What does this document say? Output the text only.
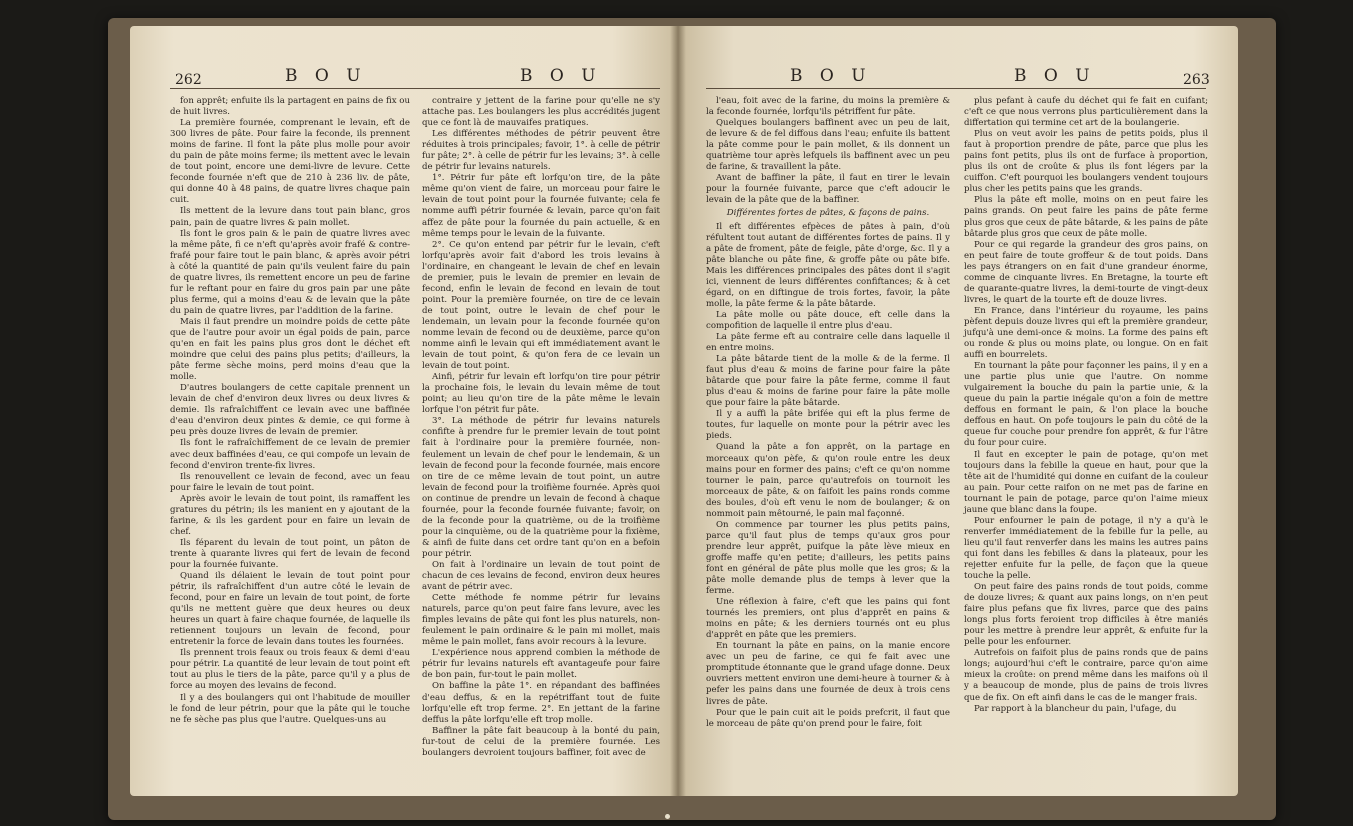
262	B O U	B O U

fon apprêt; enfuite ils la partagent en pains de fix ou de huit livres.

La première fournée, comprenant le levain, eft de 300 livres de pâte. Pour faire la feconde, ils prennent moins de farine. Il font la pâte plus molle pour avoir du pain de pâte moins ferme; ils mettent avec le levain de tout point, encore une demi-livre de levure. Cette feconde fournée n'eft que de 210 à 236 liv. de pâte, qui donne 40 à 48 pains, de quatre livres chaque pain cuit.

Ils mettent de la levure dans tout pain blanc, gros pain, pain de quatre livres & pain mollet.

Ils font le gros pain & le pain de quatre livres avec la même pâte, fi ce n'eft qu'après avoir frafé & contre-frafé pour faire tout le pain blanc, & après avoir pétri à côté la quantité de pain qu'ils veulent faire du pain de quatre livres, ils remettent encore un peu de farine fur le reftant pour en faire du gros pain par une pâte plus ferme, qui a moins d'eau & de levain que la pâte du pain de quatre livres, par l'addition de la farine.

Mais il faut prendre un moindre poids de cette pâte que de l'autre pour avoir un égal poids de pain, parce qu'en en fait les pains plus gros dont le déchet eft moindre que celui des pains plus petits; d'ailleurs, la pâte ferme sèche moins, perd moins d'eau que la molle.

D'autres boulangers de cette capitale prennent un levain de chef d'environ deux livres ou deux livres & demie. Ils rafraîchiffent ce levain avec une baffinée d'eau d'environ deux pintes & demie, ce qui forme à peu près douze livres de levain de premier.

Ils font le rafraîchiffement de ce levain de premier avec deux baffinées d'eau, ce qui compofe un levain de fecond d'environ trente-fix livres.

Ils renouvellent ce levain de fecond, avec un feau pour faire le levain de tout point.

Après avoir le levain de tout point, ils ramaffent les gratures du pétrin; ils les manient en y ajoutant de la farine, & ils les gardent pour en faire un levain de chef.

Ils féparent du levain de tout point, un pâton de trente à quarante livres qui fert de levain de fecond pour la fournée fuivante.

Quand ils délaient le levain de tout point pour pétrir, ils rafraîchiffent d'un autre côté le levain de fecond, pour en faire un levain de tout point, de forte qu'ils ne mettent guère que deux heures ou deux heures un quart à faire chaque fournée, de laquelle ils retiennent toujours un levain de fecond, pour entretenir la force de levain dans toutes les fournées.

Ils prennent trois feaux ou trois feaux & demi d'eau pour pétrir. La quantité de leur levain de tout point eft tout au plus le tiers de la pâte, parce qu'il y a plus de force au moyen des levains de fecond.

Il y a des boulangers qui ont l'habitude de mouiller le fond de leur pétrin, pour que la pâte qui le touche ne fe sèche pas plus que l'autre. Quelques-uns au

contraire y jettent de la farine pour qu'elle ne s'y attache pas. Les boulangers les plus accrédités jugent que ce font là de mauvaifes pratiques.

Les différentes méthodes de pétrir peuvent être réduites à trois principales; favoir, 1°. à celle de pétrir fur pâte; 2°. à celle de pétrir fur les levains; 3°. à celle de pétrir fur levains naturels.

1°. Pétrir fur pâte eft lorfqu'on tire, de la pâte même qu'on vient de faire, un morceau pour faire le levain de tout point pour la fournée fuivante; cela fe nomme auffi pétrir fournée & levain, parce qu'on fait affez de pâte pour la fournée du pain actuelle, & en même temps pour le levain de la fuivante.

2°. Ce qu'on entend par pétrir fur le levain, c'eft lorfqu'après avoir fait d'abord les trois levains à l'ordinaire, en changeant le levain de chef en levain de premier, puis le levain de premier en levain de fecond, enfin le levain de fecond en levain de tout point. Pour la première fournée, on tire de ce levain de tout point, outre le levain de chef pour le lendemain, un levain pour la feconde fournée qu'on nomme levain de fecond ou de deuxième, parce qu'on nomme ainfi le levain qui eft immédiatement avant le levain de tout point, & qu'on fera de ce levain un levain de tout point.

Ainfi, pétrir fur levain eft lorfqu'on tire pour pétrir la prochaine fois, le levain du levain même de tout point; au lieu qu'on tire de la pâte même le levain lorfque l'on pétrit fur pâte.

3°. La méthode de pétrir fur levains naturels confifte à prendre fur le premier levain de tout point fait à l'ordinaire pour la première fournée, non-feulement un levain de chef pour le lendemain, & un levain de fecond pour la feconde fournée, mais encore on tire de ce même levain de tout point, un autre levain de fecond pour la troifième fournée. Après quoi on continue de prendre un levain de fecond à chaque fournée, pour la feconde fournée fuivante; favoir, on de la feconde pour la quatrième, ou de la troifième pour la cinquième, ou de la quatrième pour la fixième, & ainfi de fuite dans cet ordre tant qu'on en a befoin pour pétrir.

On fait à l'ordinaire un levain de tout point de chacun de ces levains de fecond, environ deux heures avant de pétrir avec.

Cette méthode fe nomme pétrir fur levains naturels, parce qu'on peut faire fans levure, avec les fimples levains de pâte qui font les plus naturels, non-feulement le pain ordinaire & le pain mi mollet, mais même le pain mollet, fans avoir recours à la levure.

L'expérience nous apprend combien la méthode de pétrir fur levains naturels eft avantageufe pour faire de bon pain, fur-tout le pain mollet.

On baffine la pâte 1°. en répandant des baffinées d'eau deffus, & en la repétriffant tout de fuite lorfqu'elle eft trop ferme. 2°. En jettant de la farine deffus la pâte lorfqu'elle eft trop molle.

Baffiner la pâte fait beaucoup à la bonté du pain, fur-tout de celui de la première fournée. Les boulangers devroient toujours baffiner, foit avec de

B O U	B O U	263

l'eau, foit avec de la farine, du moins la première & la feconde fournée, lorfqu'ils pétriffent fur pâte.

Quelques boulangers baffinent avec un peu de lait, de levure & de fel diffous dans l'eau; enfuite ils battent la pâte comme pour le pain mollet, & ils donnent un quatrième tour après lefquels ils baffinent avec un peu de farine, & travaillent la pâte.

Avant de baffiner la pâte, il faut en tirer le levain pour la fournée fuivante, parce que c'eft adoucir le levain de la pâte que de la baffiner.

Différentes fortes de pâtes, & façons de pains.

Il eft différentes efpèces de pâtes à pain, d'où réfultent tout autant de différentes fortes de pains. Il y a pâte de froment, pâte de feigle, pâte d'orge, &c. Il y a pâte blanche ou pâte fine, & groffe pâte ou pâte bife. Mais les différences principales des pâtes dont il s'agit ici, viennent de leurs différentes confiftances; & à cet égard, on en diftingue de trois fortes, favoir, la pâte molle, la pâte ferme & la pâte bâtarde.

La pâte molle ou pâte douce, eft celle dans la compofition de laquelle il entre plus d'eau.

La pâte ferme eft au contraire celle dans laquelle il en entre moins.

La pâte bâtarde tient de la molle & de la ferme. Il faut plus d'eau & moins de farine pour faire la pâte bâtarde que pour faire la pâte ferme, comme il faut plus d'eau & moins de farine pour faire la pâte molle que pour faire la pâte bâtarde.

Il y a auffi la pâte brifée qui eft la plus ferme de toutes, fur laquelle on monte pour la pétrir avec les pieds.

Quand la pâte a fon apprêt, on la partage en morceaux qu'on pèfe, & qu'on roule entre les deux mains pour en former des pains; c'eft ce qu'on nomme tourner le pain, parce qu'autrefois on tournoit les morceaux de pâte, & on faifoit les pains ronds comme des boules, d'où eft venu le nom de boulanger; & on nommoit pain mêtourné, le pain mal façonné.

On commence par tourner les plus petits pains, parce qu'il faut plus de temps qu'aux gros pour prendre leur apprêt, puifque la pâte lève mieux en groffe maffe qu'en petite; d'ailleurs, les petits pains font en général de pâte plus molle que les gros; & la pâte molle demande plus de temps à lever que la ferme.

Une réflexion à faire, c'eft que les pains qui font tournés les premiers, ont plus d'apprêt en pains & moins en pâte; & les derniers tournés ont eu plus d'apprêt en pâte que les premiers.

En tournant la pâte en pains, on la manie encore avec un peu de farine, ce qui fe fait avec une promptitude étonnante que le grand ufage donne. Deux ouvriers mettent environ une demi-heure à tourner & à pefer les pains dans une fournée de deux à trois cens livres de pâte.

Pour que le pain cuit ait le poids prefcrit, il faut que le morceau de pâte qu'on prend pour le faire, foit

plus pefant à caufe du déchet qui fe fait en cuifant; c'eft ce que nous verrons plus particulièrement dans la differtation qui termine cet art de la boulangerie.

Plus on veut avoir les pains de petits poids, plus il faut à proportion prendre de pâte, parce que plus les pains font petits, plus ils ont de furface à proportion, plus ils ont de croûte & plus ils font légers par la cuiffon. C'eft pourquoi les boulangers vendent toujours plus cher les petits pains que les grands.

Plus la pâte eft molle, moins on en peut faire les pains grands. On peut faire les pains de pâte ferme plus gros que ceux de pâte bâtarde, & les pains de pâte bâtarde plus gros que ceux de pâte molle.

Pour ce qui regarde la grandeur des gros pains, on en peut faire de toute groffeur & de tout poids. Dans les pays étrangers on en fait d'une grandeur énorme, comme de cinquante livres. En Bretagne, la tourte eft de quarante-quatre livres, la demi-tourte de vingt-deux livres, le quart de la tourte eft de douze livres.

En France, dans l'intérieur du royaume, les pains pèfent depuis douze livres qui eft la première grandeur, jufqu'à une demi-once & moins. La forme des pains eft ou ronde & plus ou moins plate, ou longue. On en fait auffi en bourrelets.

En tournant la pâte pour façonner les pains, il y en a une partie plus unie que l'autre. On nomme vulgairement la bouche du pain la partie unie, & la queue du pain la partie inégale qu'on a foin de mettre deffous en formant le pain, & l'on place la bouche deffous en haut. On pofe toujours le pain du côté de la queue fur couche pour prendre fon apprêt, & fur l'âtre du four pour cuire.

Il faut en excepter le pain de potage, qu'on met toujours dans la febille la queue en haut, pour que la tête ait de l'humidité qui donne en cuifant de la couleur au pain. Pour cette raifon on ne met pas de farine en tournant le pain de potage, parce qu'on l'aime mieux jaune que blanc dans la foupe.

Pour enfourner le pain de potage, il n'y a qu'à le renverfer immédiatement de la febille fur la pelle, au lieu qu'il faut renverfer dans les mains les autres pains qui font dans les febilles & dans la plateaux, pour les rejetter enfuite fur la pelle, de façon que la queue touche la pelle.

On peut faire des pains ronds de tout poids, comme de douze livres; & quant aux pains longs, on n'en peut faire plus pefans que fix livres, parce que des pains longs plus forts feroient trop difficiles à être maniés pour les mettre à prendre leur apprêt, & enfuite fur la pelle pour les enfourner.

Autrefois on faifoit plus de pains ronds que de pains longs; aujourd'hui c'eft le contraire, parce qu'on aime mieux la croûte: on prend même dans les maifons où il y a beaucoup de monde, plus de pains de trois livres que de fix. On eft ainfi dans le cas de le manger frais.

Par rapport à la blancheur du pain, l'ufage, du
